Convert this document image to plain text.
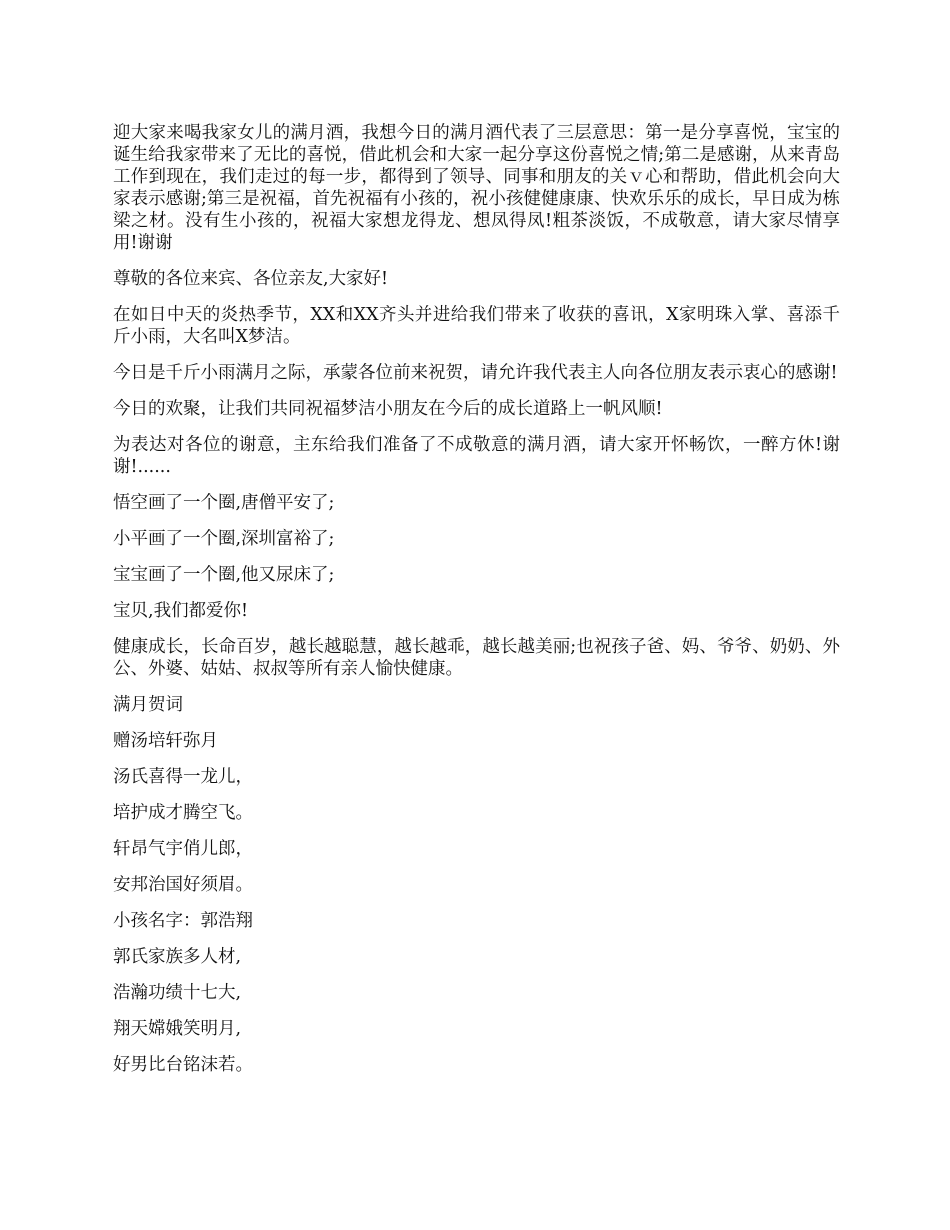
迎大家来喝我家女儿的满月酒，我想今日的满月酒代表了三层意思：第一是分享喜悦，宝宝的诞生给我家带来了无比的喜悦，借此机会和大家一起分享这份喜悦之情;第二是感谢，从来青岛工作到现在，我们走过的每一步，都得到了领导、同事和朋友的关ｖ心和帮助，借此机会向大家表示感谢;第三是祝福，首先祝福有小孩的，祝小孩健健康康、快欢乐乐的成长，早日成为栋梁之材。没有生小孩的，祝福大家想龙得龙、想凤得凤!粗茶淡饭，不成敬意，请大家尽情享用!谢谢

尊敬的各位来宾、各位亲友,大家好!

在如日中天的炎热季节，XX和XX齐头并进给我们带来了收获的喜讯，X家明珠入掌、喜添千斤小雨，大名叫X梦洁。

今日是千斤小雨满月之际，承蒙各位前来祝贺，请允许我代表主人向各位朋友表示衷心的感谢!

今日的欢聚，让我们共同祝福梦洁小朋友在今后的成长道路上一帆风顺!

为表达对各位的谢意，主东给我们准备了不成敬意的满月酒，请大家开怀畅饮，一醉方休!谢谢!......

悟空画了一个圈,唐僧平安了;

小平画了一个圈,深圳富裕了;

宝宝画了一个圈,他又尿床了;

宝贝,我们都爱你!

健康成长，长命百岁，越长越聪慧，越长越乖，越长越美丽;也祝孩子爸、妈、爷爷、奶奶、外公、外婆、姑姑、叔叔等所有亲人愉快健康。

满月贺词

赠汤培轩弥月

汤氏喜得一龙儿，

培护成才腾空飞。

轩昂气宇俏儿郎，

安邦治国好须眉。

小孩名字：郭浩翔

郭氏家族多人材,

浩瀚功绩十七大,

翔天嫦娥笑明月,

好男比台铭沫若。
